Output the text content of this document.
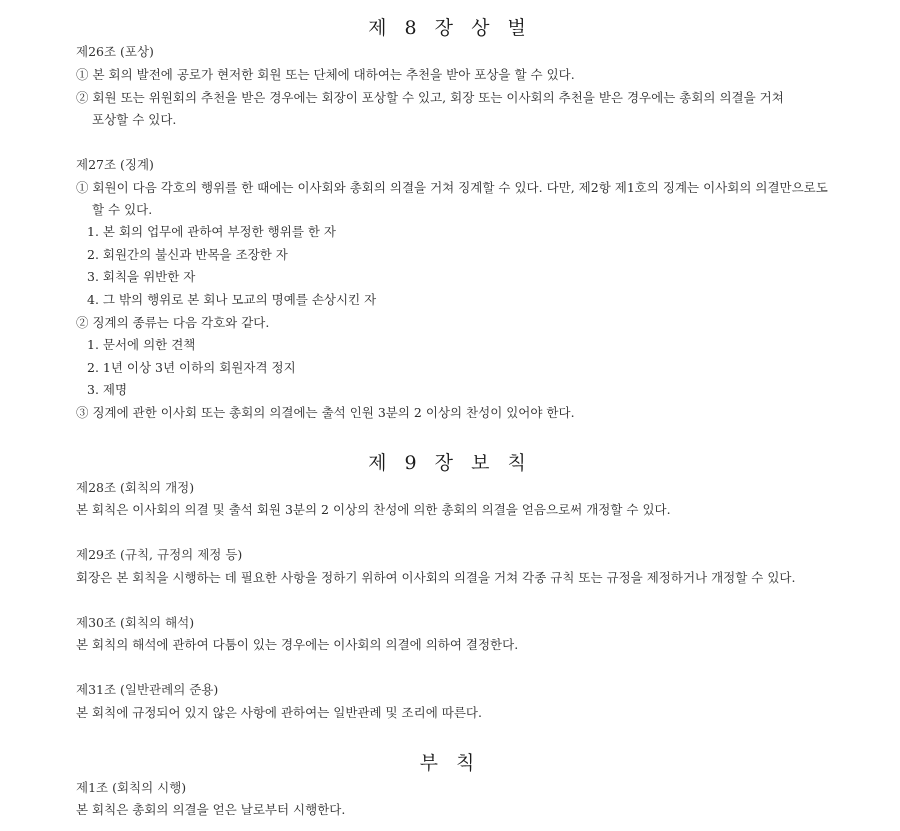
제 8 장 상 벌
제26조 (포상)
① 본 회의 발전에 공로가 현저한 회원 또는 단체에 대하여는 추천을 받아 포상을 할 수 있다.
② 회원 또는 위원회의 추천을 받은 경우에는 회장이 포상할 수 있고, 회장 또는 이사회의 추천을 받은 경우에는 총회의 의결을 거쳐
포상할 수 있다.
제27조 (징계)
① 회원이 다음 각호의 행위를 한 때에는 이사회와 총회의 의결을 거쳐 징계할 수 있다. 다만, 제2항 제1호의 징계는 이사회의 의결만으로도
할 수 있다.
1. 본 회의 업무에 관하여 부정한 행위를 한 자
2. 회원간의 불신과 반목을 조장한 자
3. 회칙을 위반한 자
4. 그 밖의 행위로 본 회나 모교의 명예를 손상시킨 자
② 징계의 종류는 다음 각호와 같다.
1. 문서에 의한 견책
2. 1년 이상 3년 이하의 회원자격 정지
3. 제명
③ 징계에 관한 이사회 또는 총회의 의결에는 출석 인원 3분의 2 이상의 찬성이 있어야 한다.
제 9 장 보 칙
제28조 (회칙의 개정)
본 회칙은 이사회의 의결 및 출석 회원 3분의 2 이상의 찬성에 의한 총회의 의결을 얻음으로써 개정할 수 있다.
제29조 (규칙, 규정의 제정 등)
회장은 본 회칙을 시행하는 데 필요한 사항을 정하기 위하여 이사회의 의결을 거쳐 각종 규칙 또는 규정을 제정하거나 개정할 수 있다.
제30조 (회칙의 해석)
본 회칙의 해석에 관하여 다툼이 있는 경우에는 이사회의 의결에 의하여 결정한다.
제31조 (일반관례의 준용)
본 회칙에 규정되어 있지 않은 사항에 관하여는 일반관례 및 조리에 따른다.
부 칙
제1조 (회칙의 시행)
본 회칙은 총회의 의결을 얻은 날로부터 시행한다.
